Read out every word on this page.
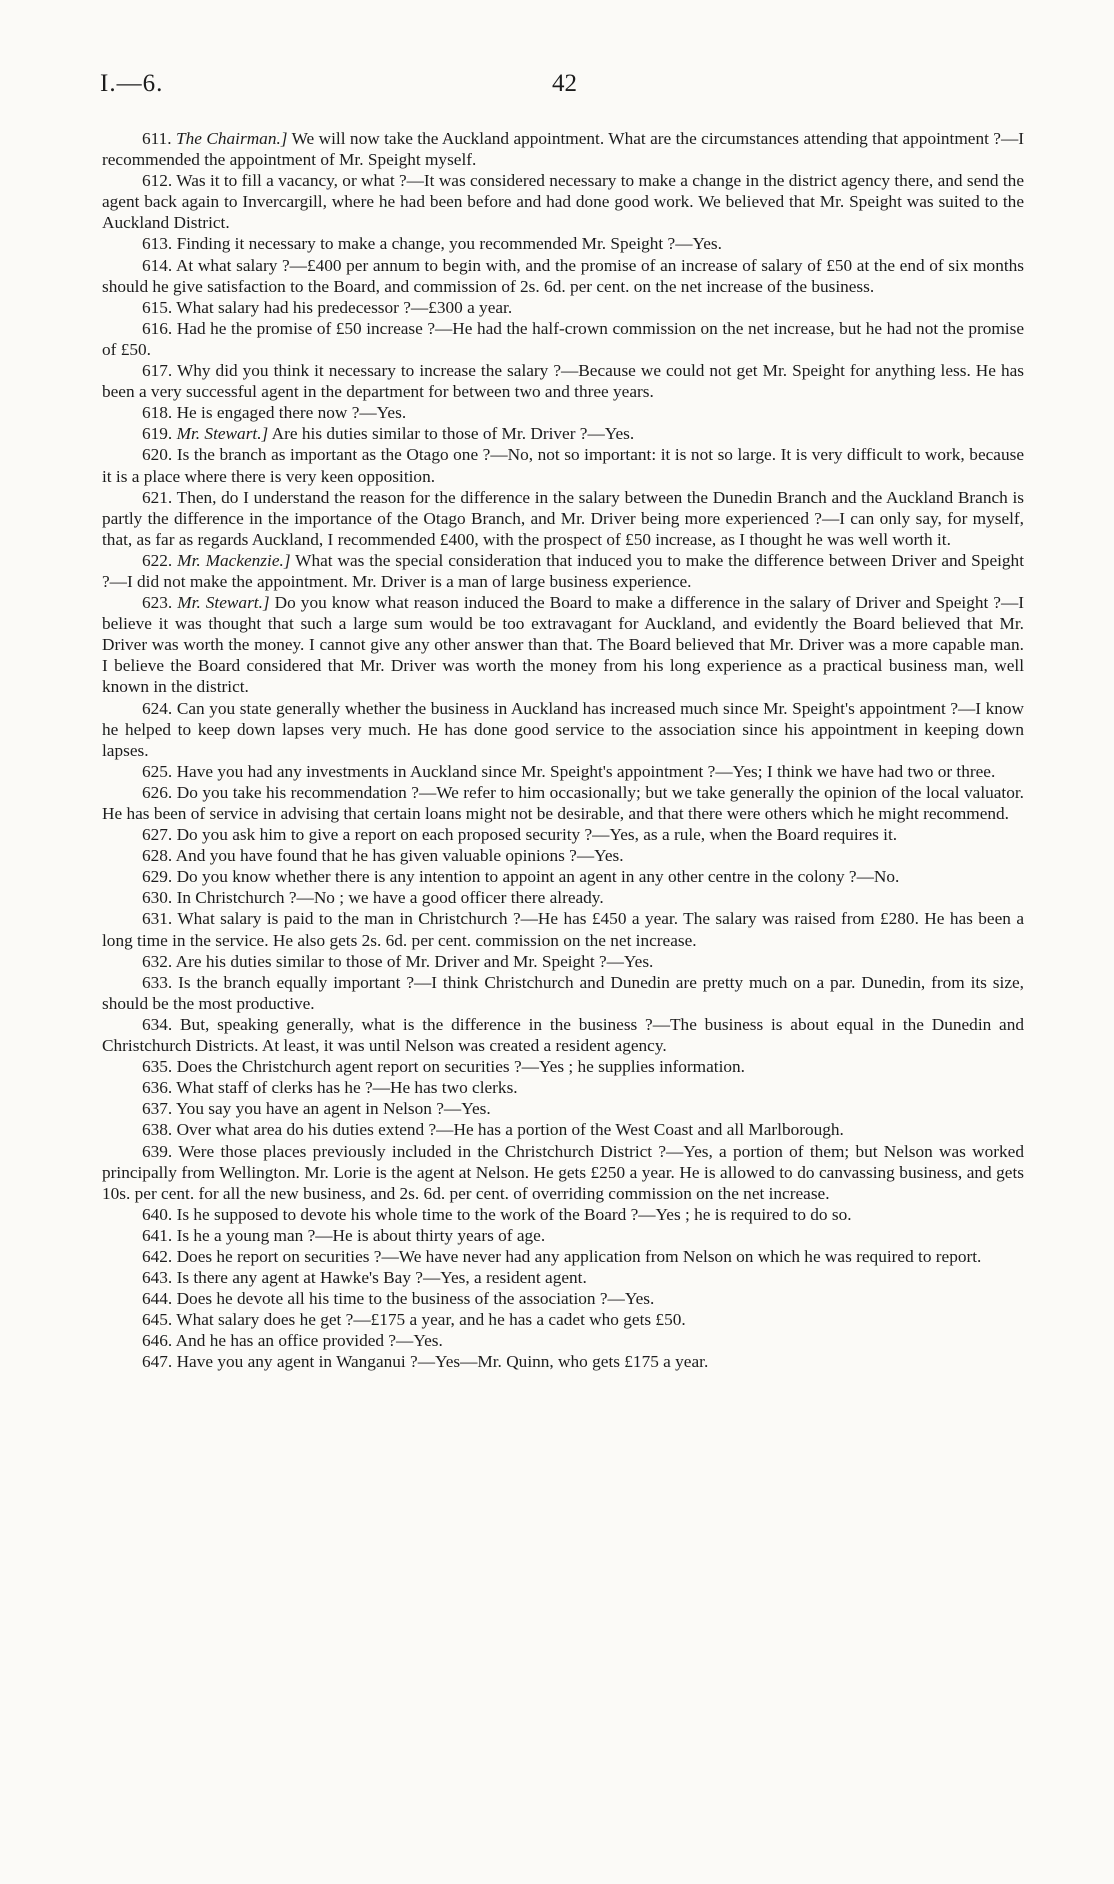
I.—6.	42

611. The Chairman.] We will now take the Auckland appointment. What are the circumstances attending that appointment ?—I recommended the appointment of Mr. Speight myself.

612. Was it to fill a vacancy, or what ?—It was considered necessary to make a change in the district agency there, and send the agent back again to Invercargill, where he had been before and had done good work. We believed that Mr. Speight was suited to the Auckland District.

613. Finding it necessary to make a change, you recommended Mr. Speight ?—Yes.

614. At what salary ?—£400 per annum to begin with, and the promise of an increase of salary of £50 at the end of six months should he give satisfaction to the Board, and commission of 2s. 6d. per cent. on the net increase of the business.

615. What salary had his predecessor ?—£300 a year.

616. Had he the promise of £50 increase ?—He had the half-crown commission on the net increase, but he had not the promise of £50.

617. Why did you think it necessary to increase the salary ?—Because we could not get Mr. Speight for anything less. He has been a very successful agent in the department for between two and three years.

618. He is engaged there now ?—Yes.

619. Mr. Stewart.] Are his duties similar to those of Mr. Driver ?—Yes.

620. Is the branch as important as the Otago one ?—No, not so important: it is not so large. It is very difficult to work, because it is a place where there is very keen opposition.

621. Then, do I understand the reason for the difference in the salary between the Dunedin Branch and the Auckland Branch is partly the difference in the importance of the Otago Branch, and Mr. Driver being more experienced ?—I can only say, for myself, that, as far as regards Auckland, I recommended £400, with the prospect of £50 increase, as I thought he was well worth it.

622. Mr. Mackenzie.] What was the special consideration that induced you to make the difference between Driver and Speight ?—I did not make the appointment. Mr. Driver is a man of large business experience.

623. Mr. Stewart.] Do you know what reason induced the Board to make a difference in the salary of Driver and Speight ?—I believe it was thought that such a large sum would be too extravagant for Auckland, and evidently the Board believed that Mr. Driver was worth the money. I cannot give any other answer than that. The Board believed that Mr. Driver was a more capable man. I believe the Board considered that Mr. Driver was worth the money from his long experience as a practical business man, well known in the district.

624. Can you state generally whether the business in Auckland has increased much since Mr. Speight's appointment ?—I know he helped to keep down lapses very much. He has done good service to the association since his appointment in keeping down lapses.

625. Have you had any investments in Auckland since Mr. Speight's appointment ?—Yes; I think we have had two or three.

626. Do you take his recommendation ?—We refer to him occasionally; but we take generally the opinion of the local valuator. He has been of service in advising that certain loans might not be desirable, and that there were others which he might recommend.

627. Do you ask him to give a report on each proposed security ?—Yes, as a rule, when the Board requires it.

628. And you have found that he has given valuable opinions ?—Yes.

629. Do you know whether there is any intention to appoint an agent in any other centre in the colony ?—No.

630. In Christchurch ?—No ; we have a good officer there already.

631. What salary is paid to the man in Christchurch ?—He has £450 a year. The salary was raised from £280. He has been a long time in the service. He also gets 2s. 6d. per cent. commission on the net increase.

632. Are his duties similar to those of Mr. Driver and Mr. Speight ?—Yes.

633. Is the branch equally important ?—I think Christchurch and Dunedin are pretty much on a par. Dunedin, from its size, should be the most productive.

634. But, speaking generally, what is the difference in the business ?—The business is about equal in the Dunedin and Christchurch Districts. At least, it was until Nelson was created a resident agency.

635. Does the Christchurch agent report on securities ?—Yes ; he supplies information.

636. What staff of clerks has he ?—He has two clerks.

637. You say you have an agent in Nelson ?—Yes.

638. Over what area do his duties extend ?—He has a portion of the West Coast and all Marlborough.

639. Were those places previously included in the Christchurch District ?—Yes, a portion of them; but Nelson was worked principally from Wellington. Mr. Lorie is the agent at Nelson. He gets £250 a year. He is allowed to do canvassing business, and gets 10s. per cent. for all the new business, and 2s. 6d. per cent. of overriding commission on the net increase.

640. Is he supposed to devote his whole time to the work of the Board ?—Yes ; he is required to do so.

641. Is he a young man ?—He is about thirty years of age.

642. Does he report on securities ?—We have never had any application from Nelson on which he was required to report.

643. Is there any agent at Hawke's Bay ?—Yes, a resident agent.

644. Does he devote all his time to the business of the association ?—Yes.

645. What salary does he get ?—£175 a year, and he has a cadet who gets £50.

646. And he has an office provided ?—Yes.

647. Have you any agent in Wanganui ?—Yes—Mr. Quinn, who gets £175 a year.
